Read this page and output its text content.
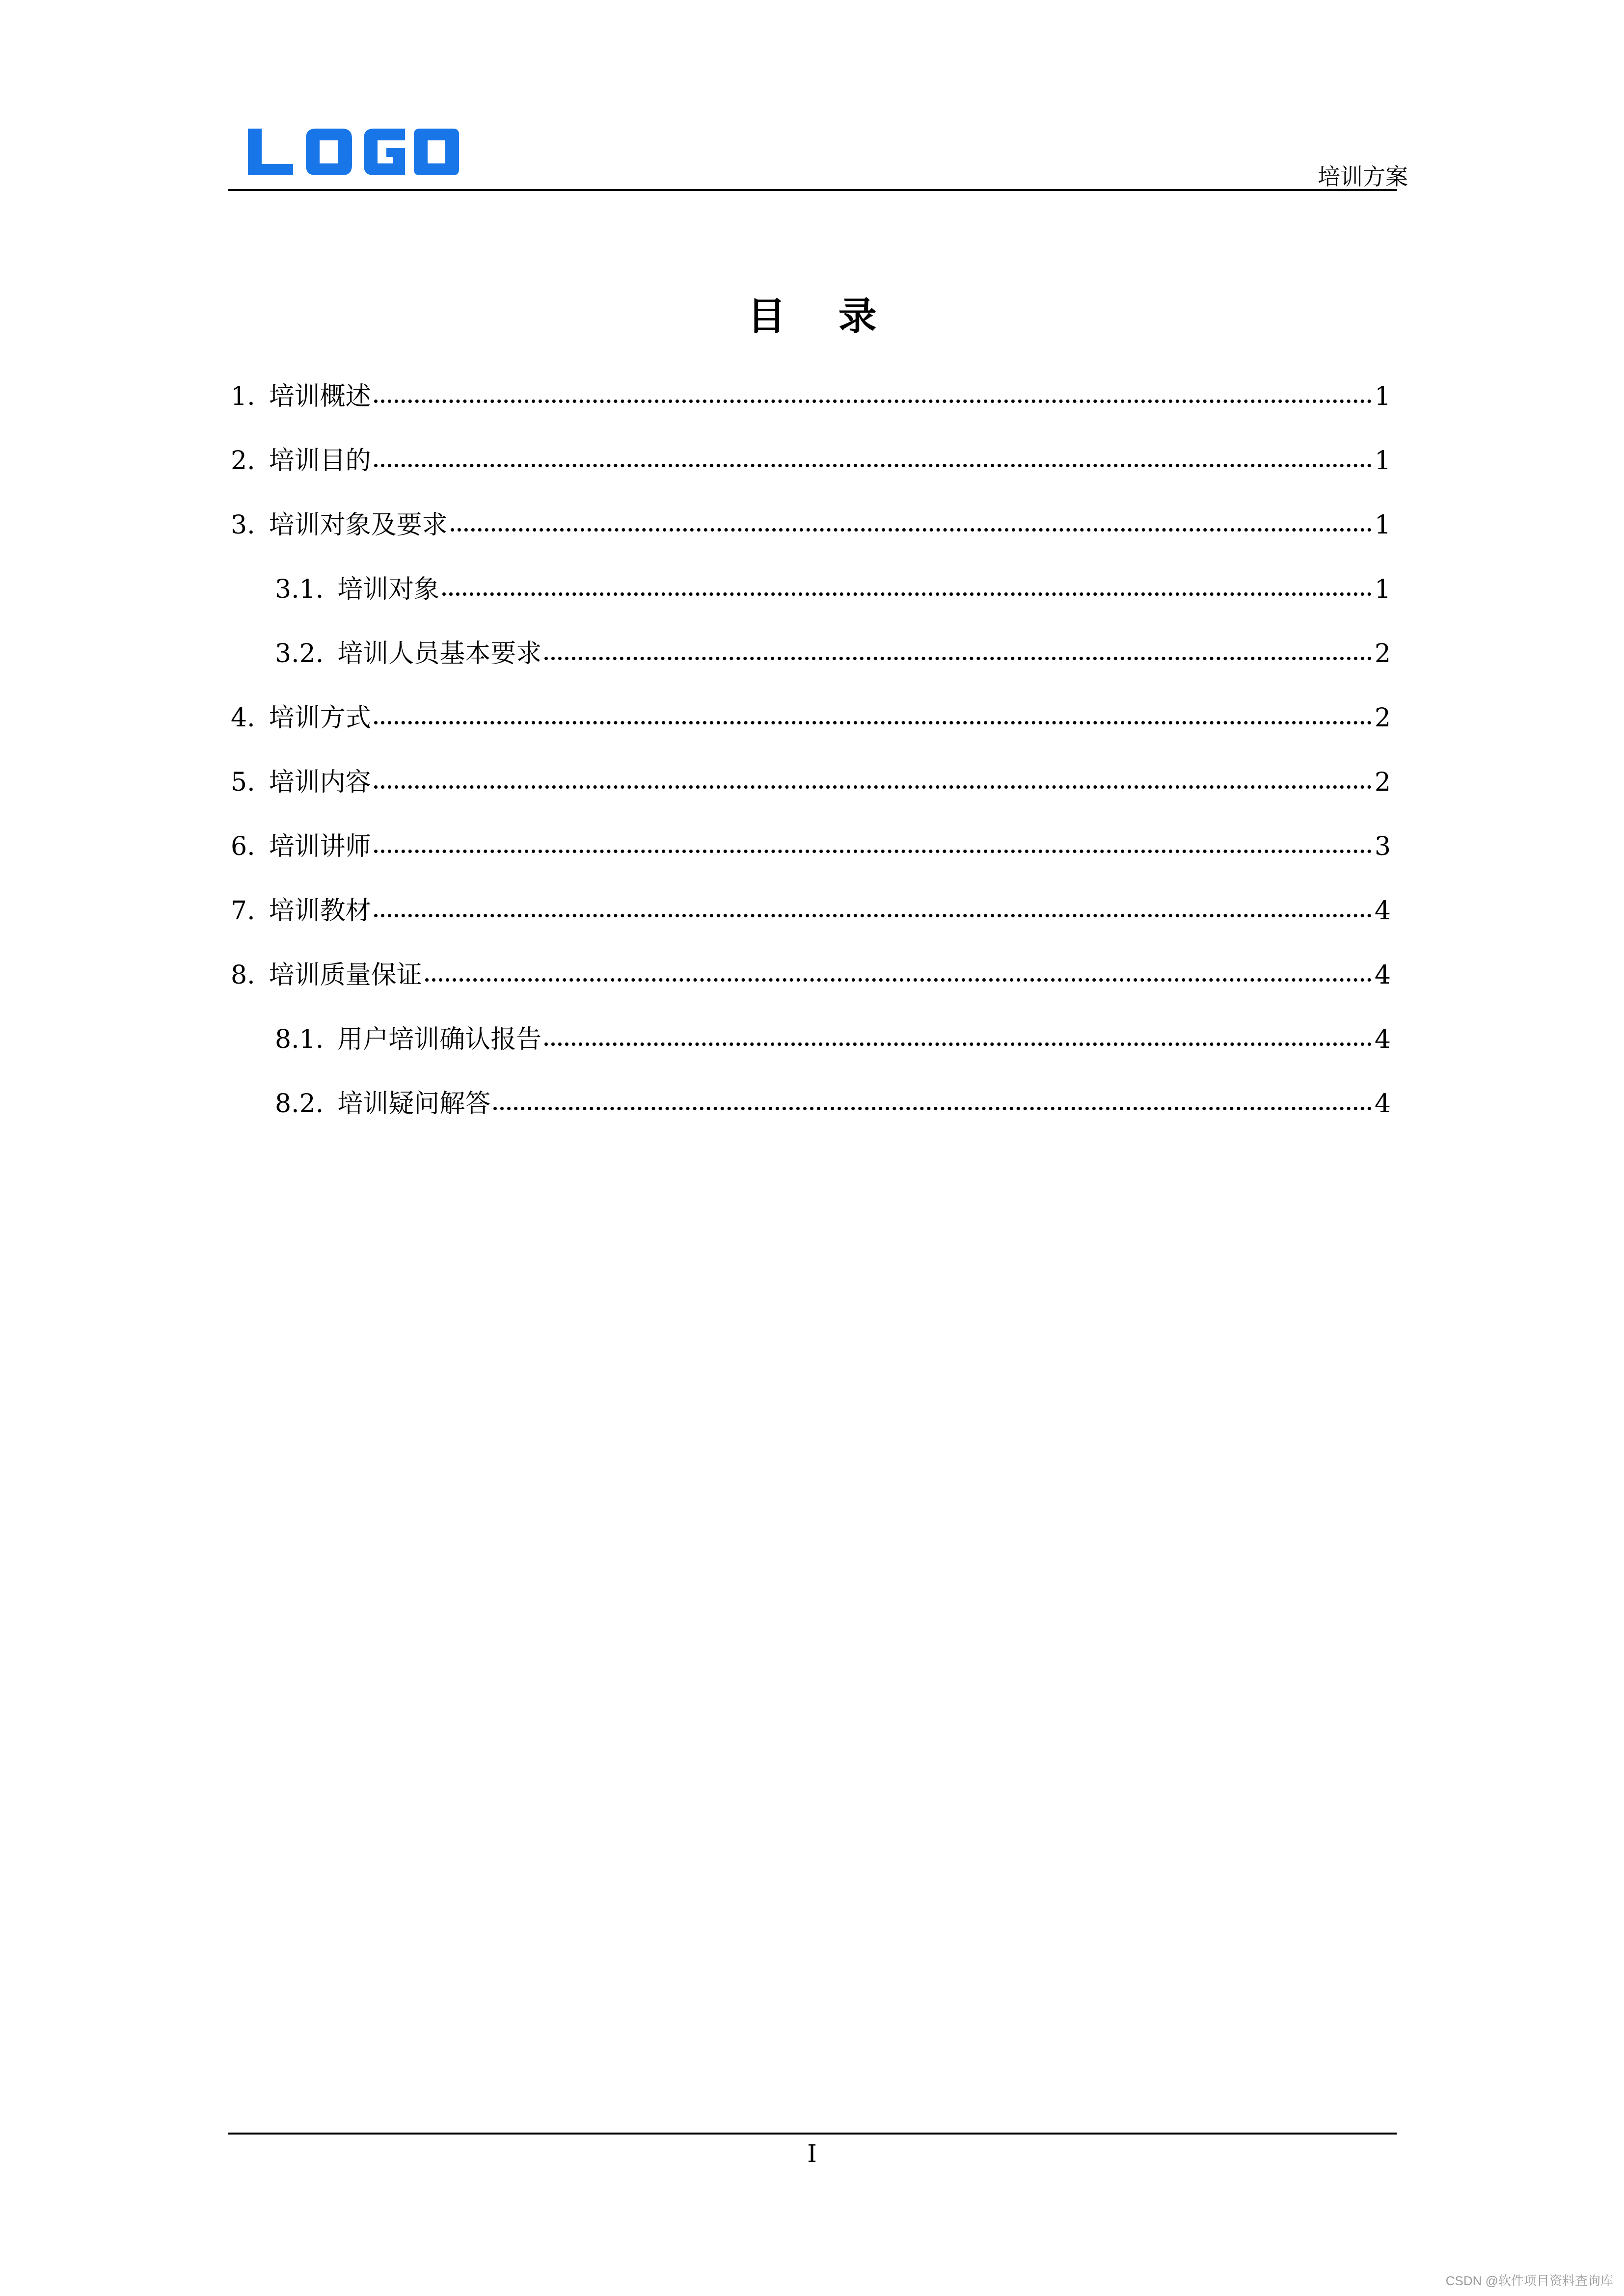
培训方案
目 录
1. 培训概述	1
2. 培训目的	1
3. 培训对象及要求	1
3.1. 培训对象	1
3.2. 培训人员基本要求	2
4. 培训方式	2
5. 培训内容	2
6. 培训讲师	3
7. 培训教材	4
8. 培训质量保证	4
8.1. 用户培训确认报告	4
8.2. 培训疑问解答	4
I
CSDN @软件项目资料查询库
